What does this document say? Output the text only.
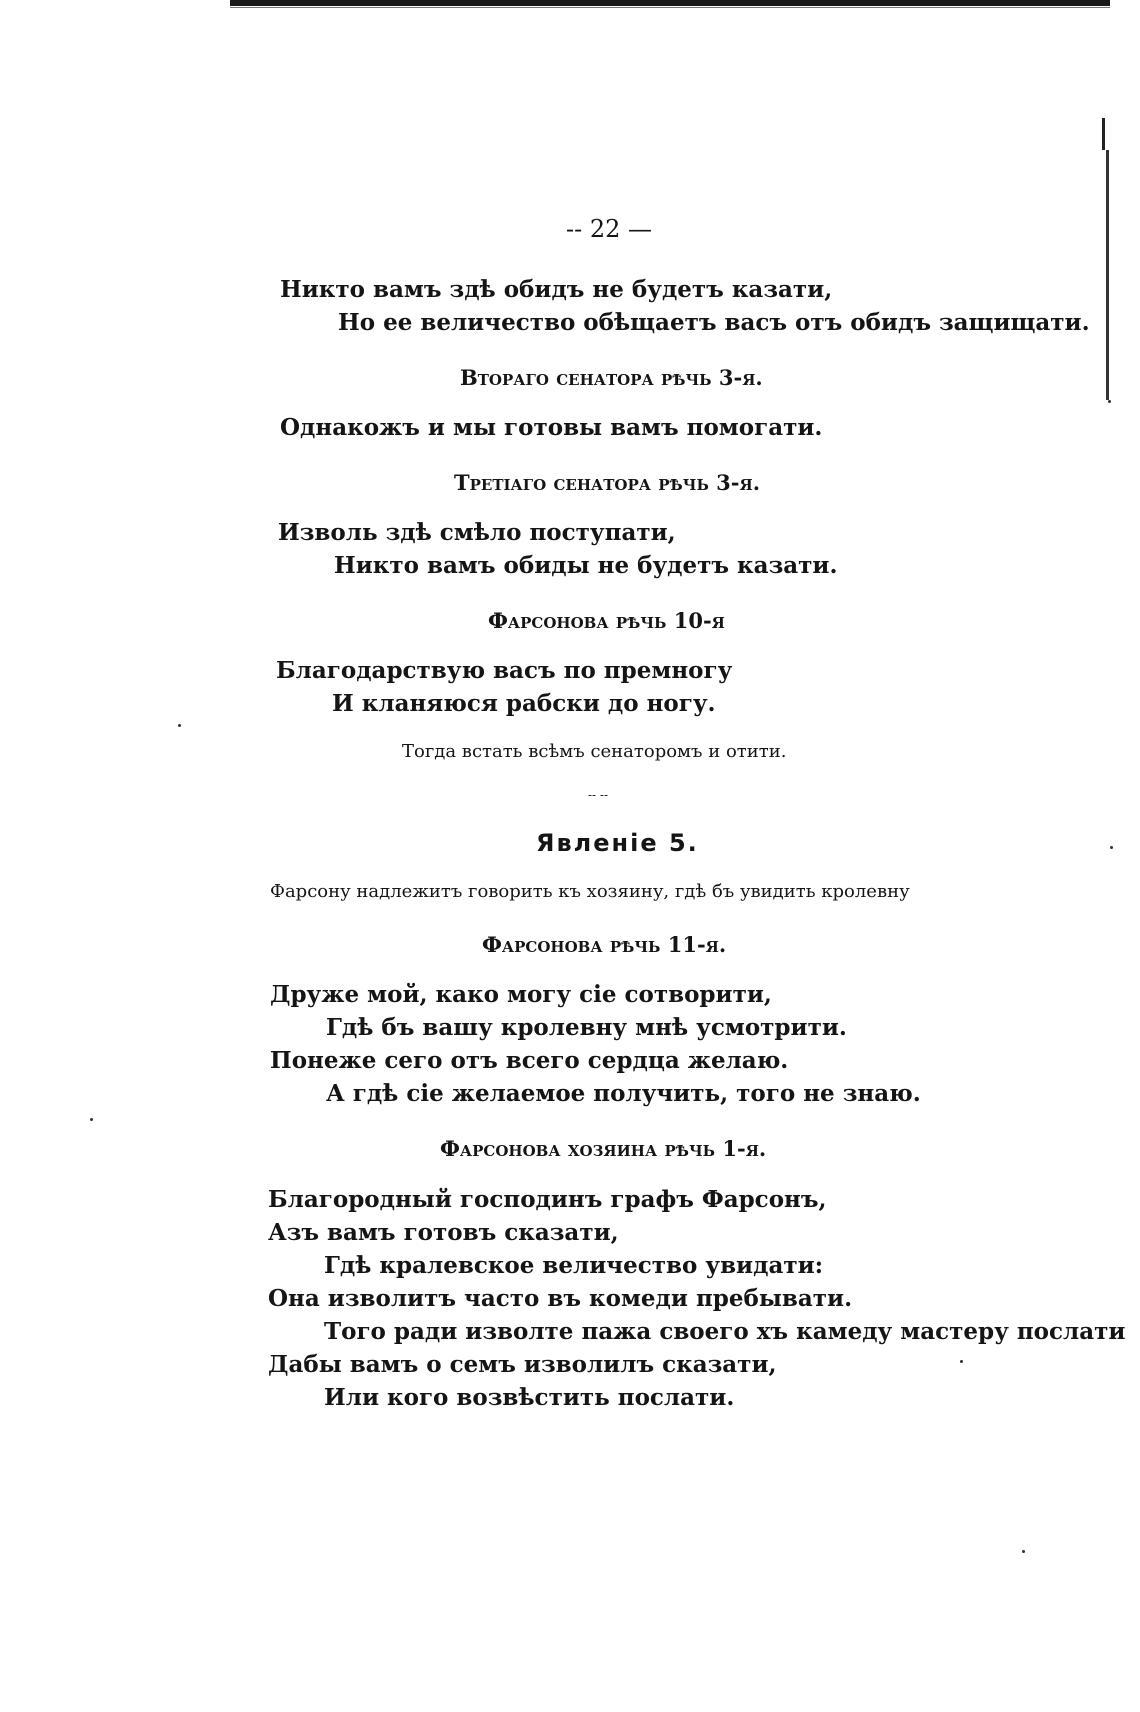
-- 22 —
Никто вамъ здѣ обидъ не будетъ казати,
Но ее величество обѣщаетъ васъ отъ обидъ защищати.
Втораго сенатора рѣчь 3-я.
Однакожъ и мы готовы вамъ помогати.
Третіаго сенатора рѣчь 3-я.
Изволь здѣ смѣло поступати,
Никто вамъ обиды не будетъ казати.
Фарсонова рѣчь 10-я
Благодарствую васъ по премногу
И кланяюся рабски до ногу.
Тогда встать всѣмъ сенаторомъ и отити.
-- --
Явленіе 5.
Фарсону надлежитъ говорить къ хозяину, гдѣ бъ увидить кролевну
Фарсонова рѣчь 11-я.
Друже мой, како могу сіе сотворити,
Гдѣ бъ вашу кролевну мнѣ усмотрити.
Понеже сего отъ всего сердца желаю.
А гдѣ сіе желаемое получить, того не знаю.
Фарсонова хозяина рѣчь 1-я.
Благородный господинъ графъ Фарсонъ,
Азъ вамъ готовъ сказати,
Гдѣ кралевское величество увидати:
Она изволитъ часто въ комеди пребывати.
Того ради изволте пажа своего хъ камеду мастеру послати
Дабы вамъ о семъ изволилъ сказати,
Или кого возвѣстить послати.
